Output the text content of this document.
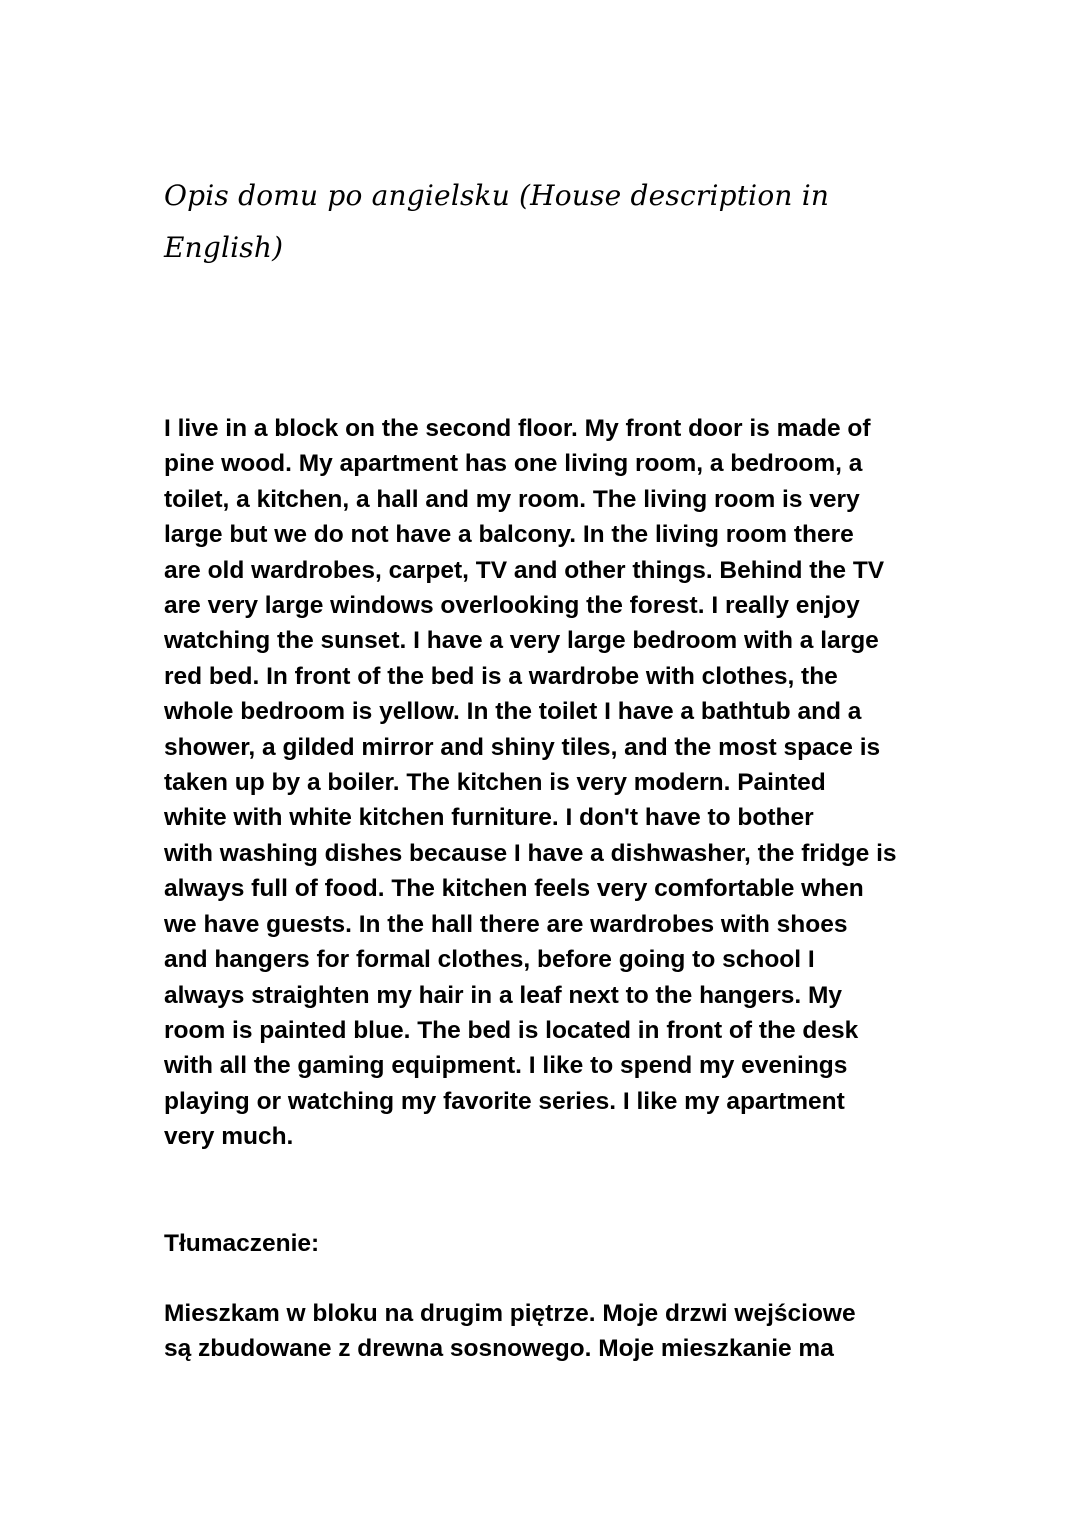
Opis domu po angielsku (House description in
English)
I live in a block on the second floor. My front door is made of
pine wood. My apartment has one living room, a bedroom, a
toilet, a kitchen, a hall and my room. The living room is very
large but we do not have a balcony. In the living room there
are old wardrobes, carpet, TV and other things. Behind the TV
are very large windows overlooking the forest. I really enjoy
watching the sunset. I have a very large bedroom with a large
red bed. In front of the bed is a wardrobe with clothes, the
whole bedroom is yellow. In the toilet I have a bathtub and a
shower, a gilded mirror and shiny tiles, and the most space is
taken up by a boiler. The kitchen is very modern. Painted
white with white kitchen furniture. I don't have to bother
with washing dishes because I have a dishwasher, the fridge is
always full of food. The kitchen feels very comfortable when
we have guests. In the hall there are wardrobes with shoes
and hangers for formal clothes, before going to school I
always straighten my hair in a leaf next to the hangers. My
room is painted blue. The bed is located in front of the desk
with all the gaming equipment. I like to spend my evenings
playing or watching my favorite series. I like my apartment
very much.
Tłumaczenie:
Mieszkam w bloku na drugim piętrze. Moje drzwi wejściowe
są zbudowane z drewna sosnowego. Moje mieszkanie ma
